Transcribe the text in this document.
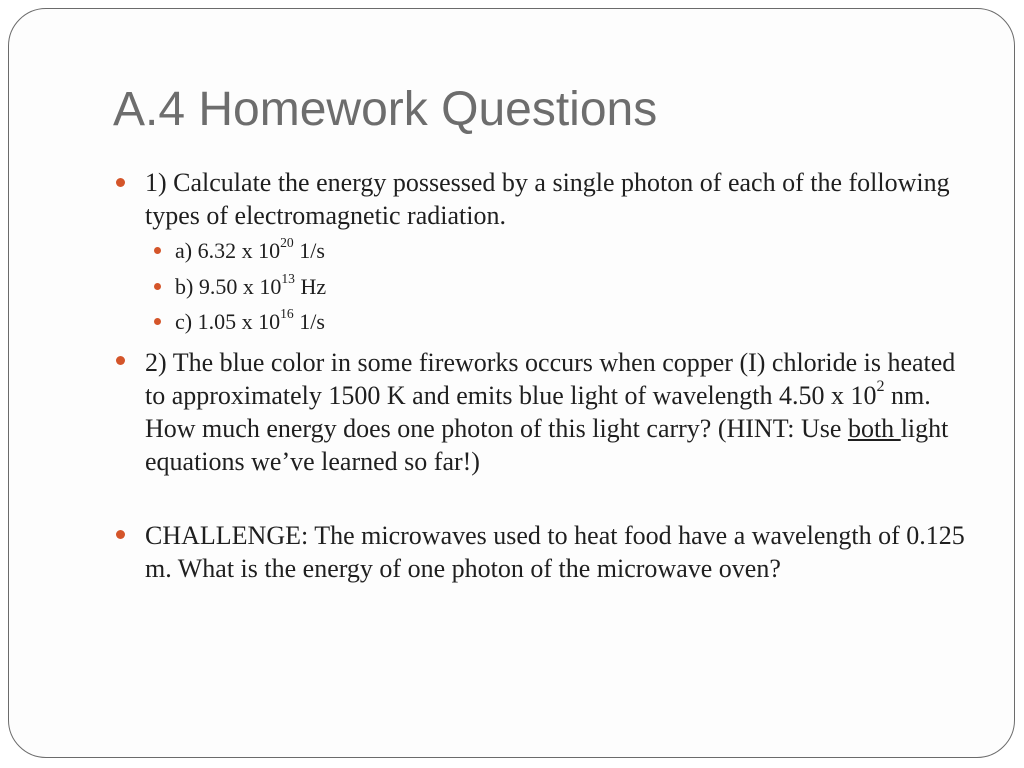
A.4 Homework Questions
1) Calculate the energy possessed by a single photon of each of the following types of electromagnetic radiation.
a) 6.32 x $10^{20}$ 1/s
b) 9.50 x $10^{13}$ Hz
c) 1.05 x $10^{16}$ 1/s
2) The blue color in some fireworks occurs when copper (I) chloride is heated to approximately 1500 K and emits blue light of wavelength 4.50 x $10^2$ nm. How much energy does one photon of this light carry? (HINT: Use both light equations we’ve learned so far!)
CHALLENGE: The microwaves used to heat food have a wavelength of 0.125 m. What is the energy of one photon of the microwave oven?
